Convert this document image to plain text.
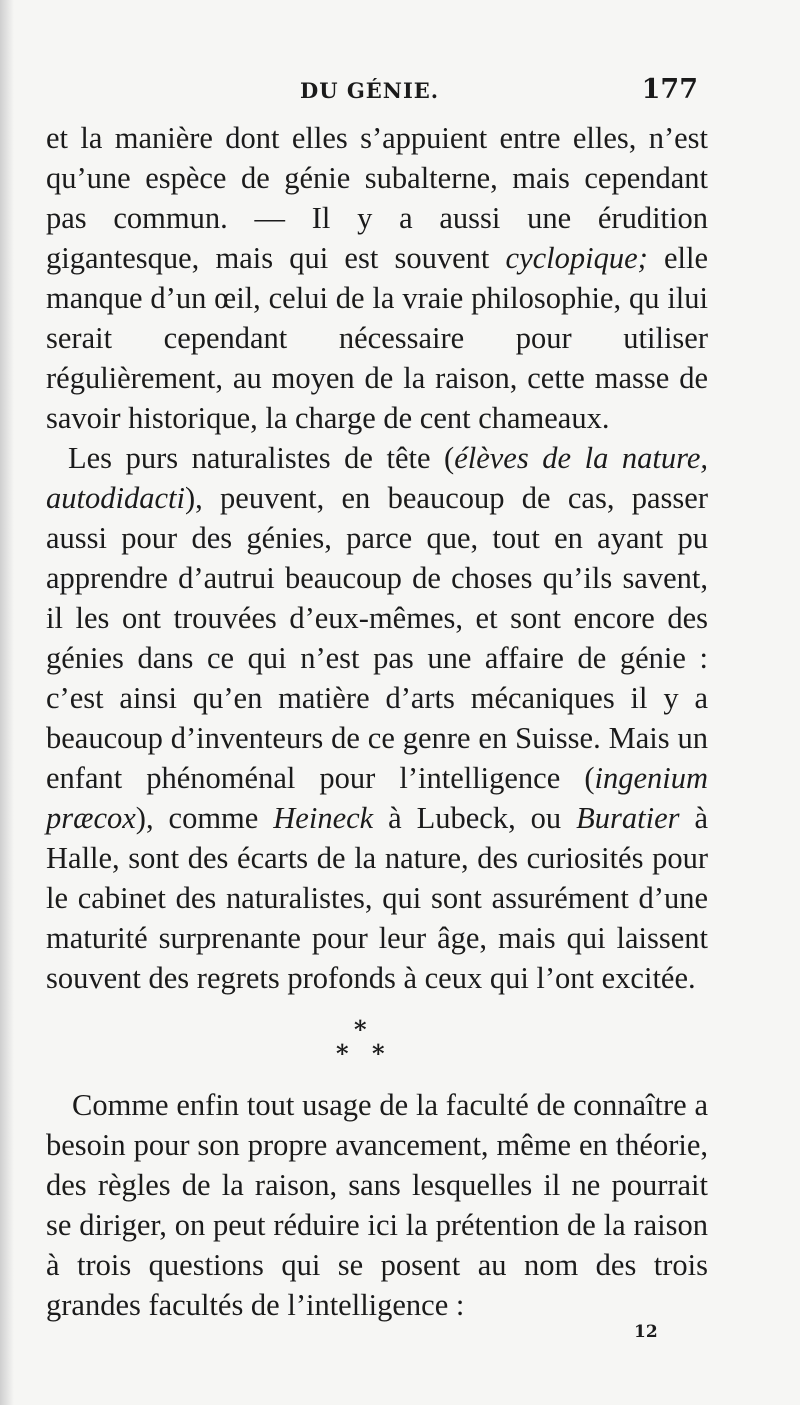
DU GÉNIE.	177

et la manière dont elles s’appuient entre elles, n’est qu’une espèce de génie subalterne, mais cependant pas commun. — Il y a aussi une érudition gigantesque, mais qui est souvent cyclopique; elle manque d’un œil, celui de la vraie philosophie, qu ilui serait cependant nécessaire pour utiliser régulièrement, au moyen de la raison, cette masse de savoir historique, la charge de cent chameaux.

Les purs naturalistes de tête (élèves de la nature, autodidacti), peuvent, en beaucoup de cas, passer aussi pour des génies, parce que, tout en ayant pu apprendre d’autrui beaucoup de choses qu’ils savent, il les ont trouvées d’eux-mêmes, et sont encore des génies dans ce qui n’est pas une affaire de génie : c’est ainsi qu’en matière d’arts mécaniques il y a beaucoup d’inventeurs de ce genre en Suisse. Mais un enfant phénoménal pour l’intelligence (ingenium præcox), comme Heineck à Lubeck, ou Buratier à Halle, sont des écarts de la nature, des curiosités pour le cabinet des naturalistes, qui sont assurément d’une maturité surprenante pour leur âge, mais qui laissent souvent des regrets profonds à ceux qui l’ont excitée.

*
* *

Comme enfin tout usage de la faculté de connaître a besoin pour son propre avancement, même en théorie, des règles de la raison, sans lesquelles il ne pourrait se diriger, on peut réduire ici la prétention de la raison à trois questions qui se posent au nom des trois grandes facultés de l’intelligence :

12
